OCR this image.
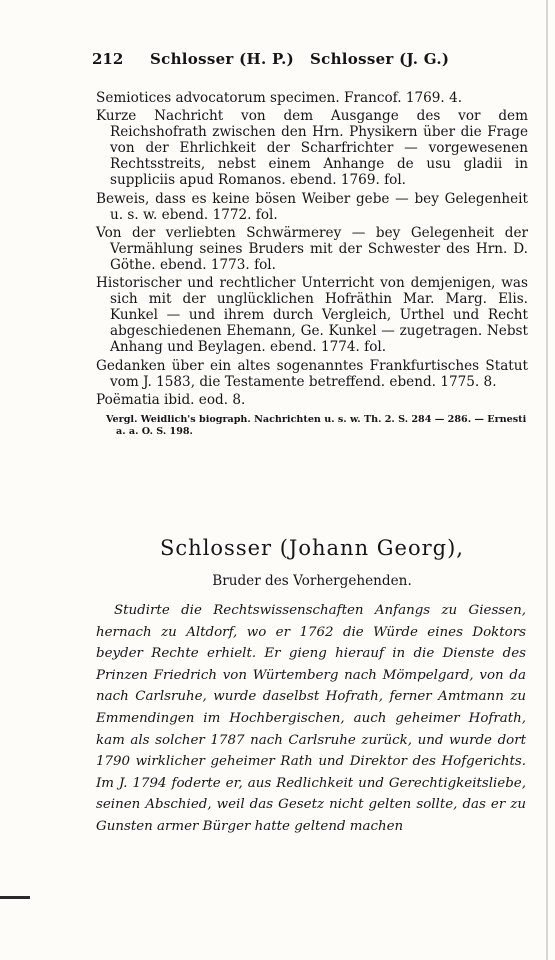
212 Schlosser (H. P.) Schlosser (J. G.)

Semiotices advocatorum specimen. Francof. 1769. 4.

Kurze Nachricht von dem Ausgange des vor dem Reichshofrath zwischen den Hrn. Physikern über die Frage von der Ehrlichkeit der Scharfrichter — vorgewesenen Rechtsstreits, nebst einem Anhange de usu gladii in suppliciis apud Romanos. ebend. 1769. fol.

Beweis, dass es keine bösen Weiber gebe — bey Gelegenheit u. s. w. ebend. 1772. fol.

Von der verliebten Schwärmerey — bey Gelegenheit der Vermählung seines Bruders mit der Schwester des Hrn. D. Göthe. ebend. 1773. fol.

Historischer und rechtlicher Unterricht von demjenigen, was sich mit der unglücklichen Hofräthin Mar. Marg. Elis. Kunkel — und ihrem durch Vergleich, Urthel und Recht abgeschiedenen Ehemann, Ge. Kunkel — zugetragen. Nebst Anhang und Beylagen. ebend. 1774. fol.

Gedanken über ein altes sogenanntes Frankfurtisches Statut vom J. 1583, die Testamente betreffend. ebend. 1775. 8.

Poëmatia ibid. eod. 8.

Vergl. Weidlich's biograph. Nachrichten u. s. w. Th. 2. S. 284 — 286. — Ernesti a. a. O. S. 198.

Schlosser (Johann Georg),
Bruder des Vorhergehenden.

Studirte die Rechtswissenschaften Anfangs zu Giessen, hernach zu Altdorf, wo er 1762 die Würde eines Doktors beyder Rechte erhielt. Er gieng hierauf in die Dienste des Prinzen Friedrich von Würtemberg nach Mömpelgard, von da nach Carlsruhe, wurde daselbst Hofrath, ferner Amtmann zu Emmendingen im Hochbergischen, auch geheimer Hofrath, kam als solcher 1787 nach Carlsruhe zurück, und wurde dort 1790 wirklicher geheimer Rath und Direktor des Hofgerichts. Im J. 1794 foderte er, aus Redlichkeit und Gerechtigkeitsliebe, seinen Abschied, weil das Gesetz nicht gelten sollte, das er zu Gunsten armer Bürger hatte geltend machen
